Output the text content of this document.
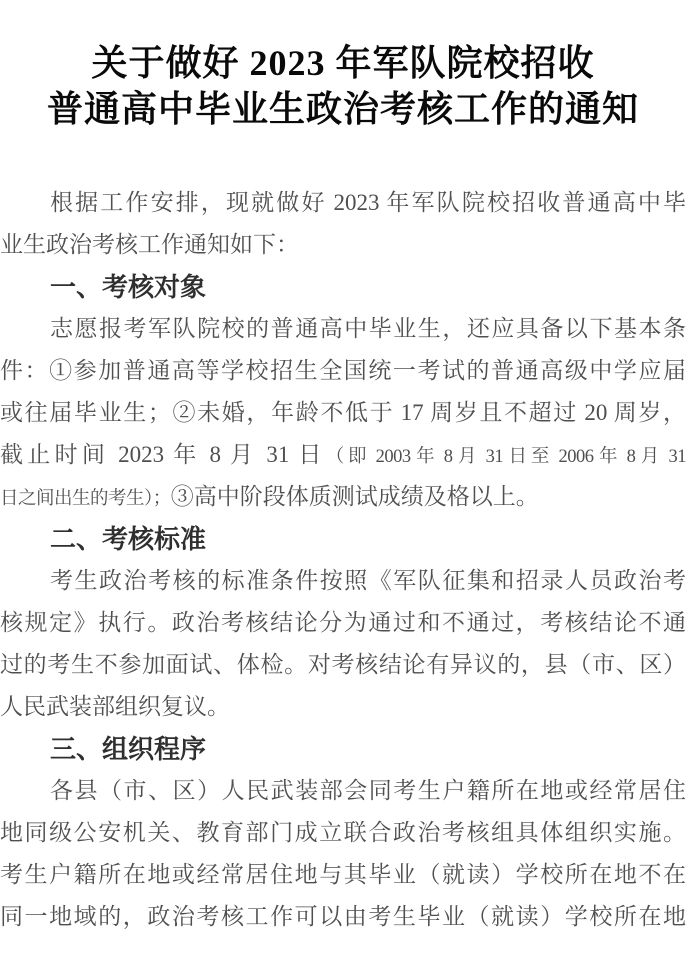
关于做好 2023 年军队院校招收
普通高中毕业生政治考核工作的通知
根据工作安排，现就做好 2023 年军队院校招收普通高中毕
业生政治考核工作通知如下：
一、考核对象
志愿报考军队院校的普通高中毕业生，还应具备以下基本条
件：①参加普通高等学校招生全国统一考试的普通高级中学应届
或往届毕业生；②未婚，年龄不低于 17 周岁且不超过 20 周岁，
截止时间 2023 年 8 月 31 日（即 2003 年 8 月 31 日至 2006 年 8 月 31
日之间出生的考生）；③高中阶段体质测试成绩及格以上。
二、考核标准
考生政治考核的标准条件按照《军队征集和招录人员政治考
核规定》执行。政治考核结论分为通过和不通过，考核结论不通
过的考生不参加面试、体检。对考核结论有异议的，县（市、区）
人民武装部组织复议。
三、组织程序
各县（市、区）人民武装部会同考生户籍所在地或经常居住
地同级公安机关、教育部门成立联合政治考核组具体组织实施。
考生户籍所在地或经常居住地与其毕业（就读）学校所在地不在
同一地域的，政治考核工作可以由考生毕业（就读）学校所在地
